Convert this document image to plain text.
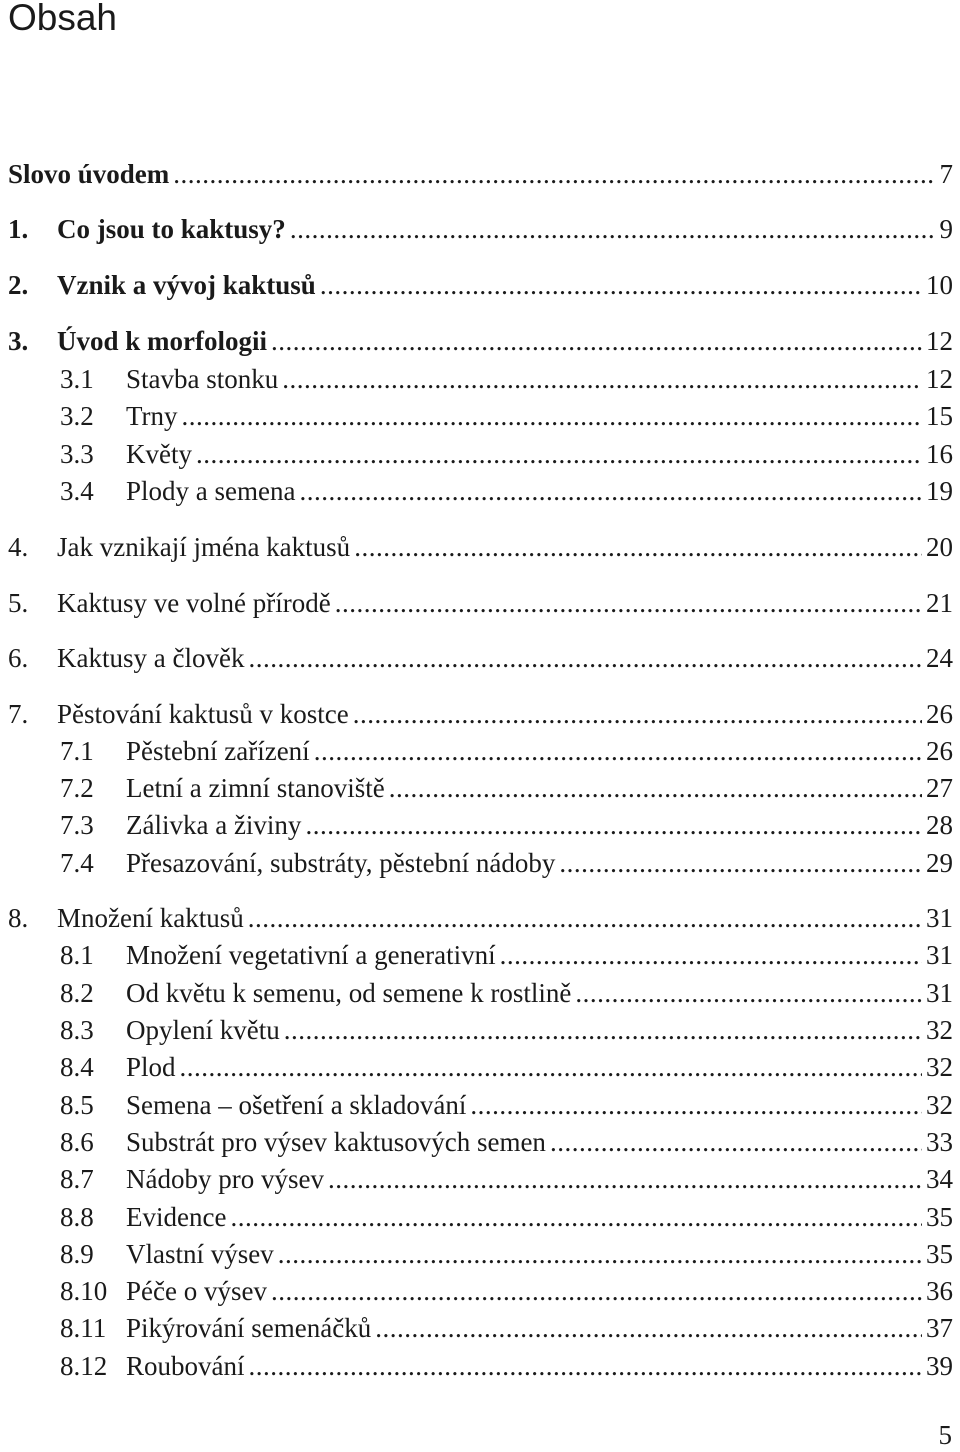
Obsah
Slovo úvodem .....	7
1.	Co jsou to kaktusy? .....	9
2.	Vznik a vývoj kaktusů .....	10
3.	Úvod k morfologii .....	12
3.1	Stavba stonku .....	12
3.2	Trny .....	15
3.3	Květy .....	16
3.4	Plody a semena .....	19
4.	Jak vznikají jména kaktusů .....	20
5.	Kaktusy ve volné přírodě .....	21
6.	Kaktusy a člověk .....	24
7.	Pěstování kaktusů v kostce .....	26
7.1	Pěstební zařízení .....	26
7.2	Letní a zimní stanoviště .....	27
7.3	Zálivka a živiny .....	28
7.4	Přesazování, substráty, pěstební nádoby .....	29
8.	Množení kaktusů .....	31
8.1	Množení vegetativní a generativní .....	31
8.2	Od květu k semenu, od semene k rostlině .....	31
8.3	Opylení květu .....	32
8.4	Plod .....	32
8.5	Semena – ošetření a skladování .....	32
8.6	Substrát pro výsev kaktusových semen .....	33
8.7	Nádoby pro výsev .....	34
8.8	Evidence .....	35
8.9	Vlastní výsev .....	35
8.10 Péče o výsev .....	36
8.11 Pikýrování semenáčků .....	37
8.12 Roubování .....	39
5
